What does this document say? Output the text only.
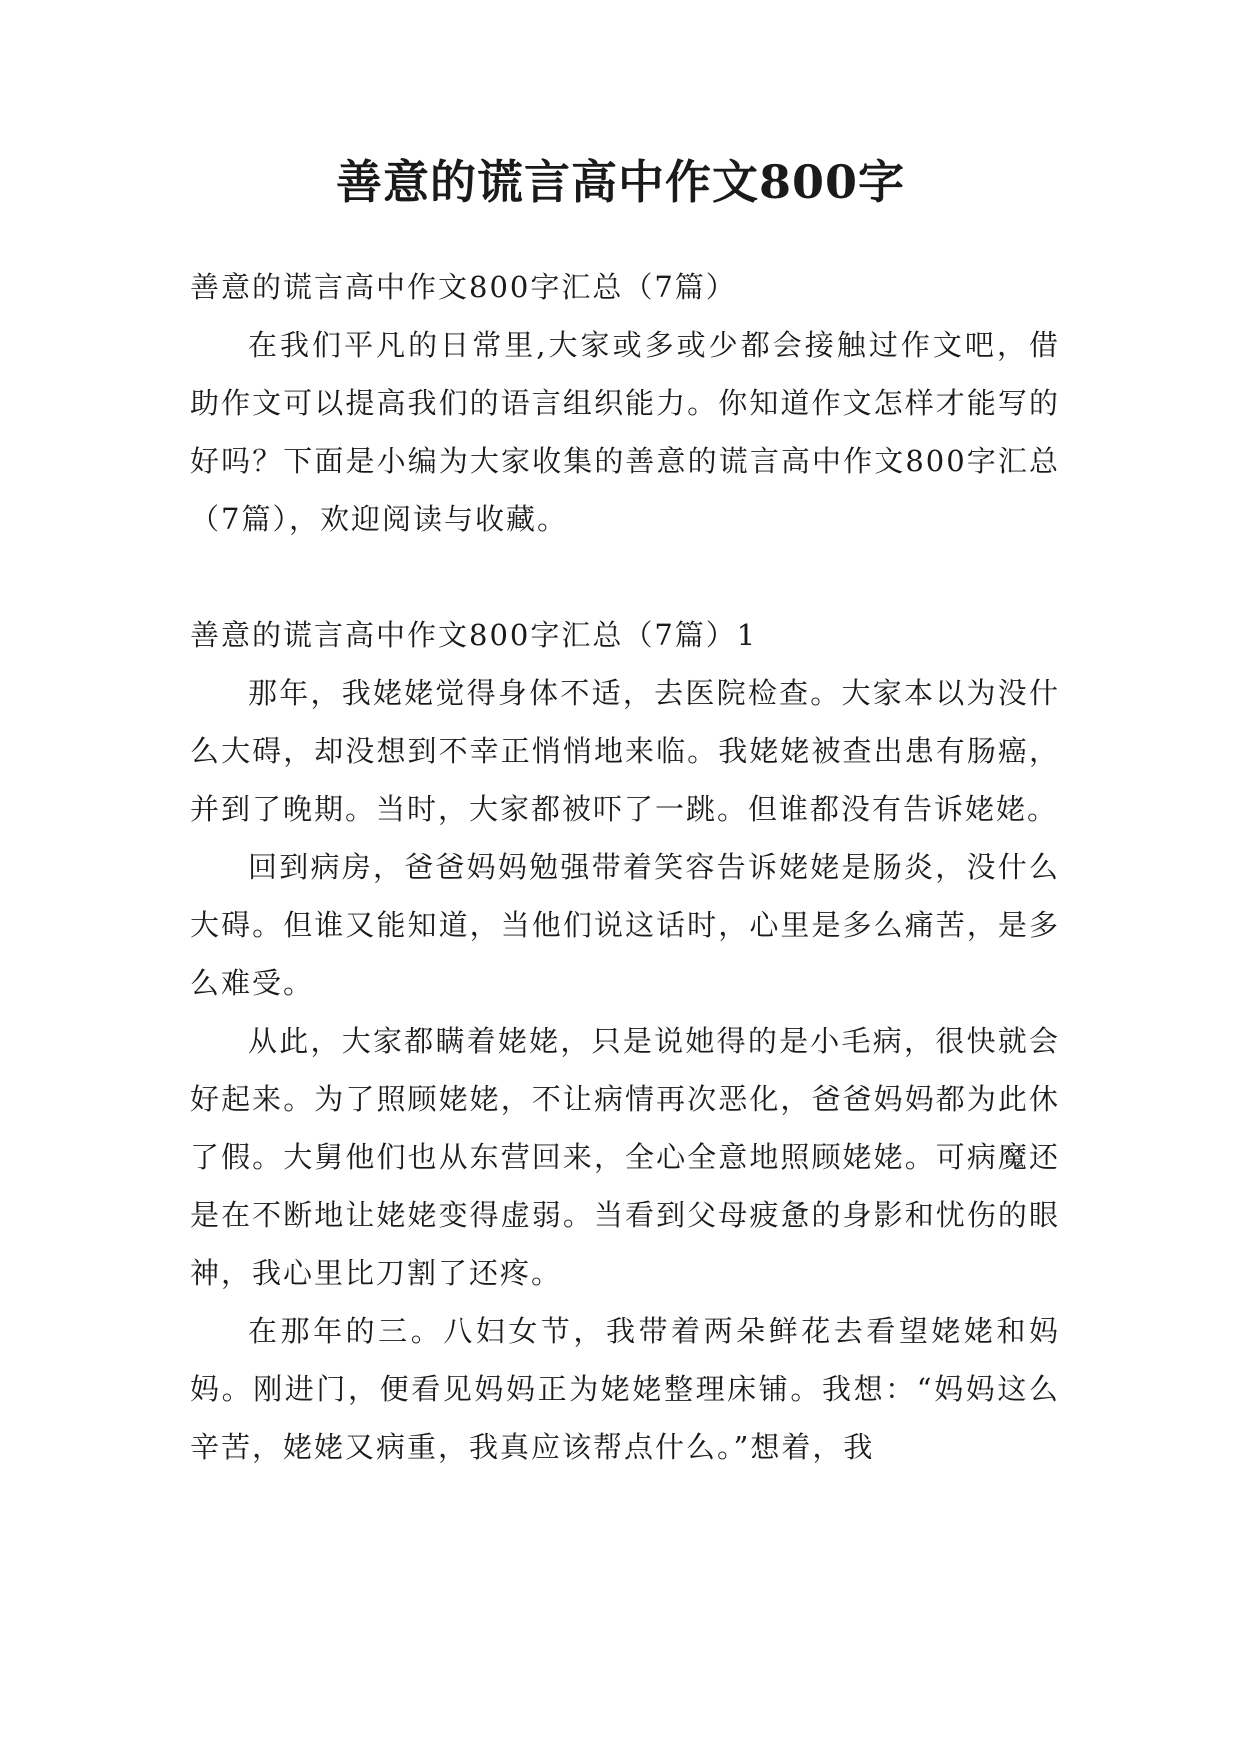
善意的谎言高中作文800字

善意的谎言高中作文800字汇总（7篇）

在我们平凡的日常里,大家或多或少都会接触过作文吧，借助作文可以提高我们的语言组织能力。你知道作文怎样才能写的好吗？下面是小编为大家收集的善意的谎言高中作文800字汇总（7篇），欢迎阅读与收藏。

善意的谎言高中作文800字汇总（7篇）1

那年，我姥姥觉得身体不适，去医院检查。大家本以为没什么大碍，却没想到不幸正悄悄地来临。我姥姥被查出患有肠癌，并到了晚期。当时，大家都被吓了一跳。但谁都没有告诉姥姥。

回到病房，爸爸妈妈勉强带着笑容告诉姥姥是肠炎，没什么大碍。但谁又能知道，当他们说这话时，心里是多么痛苦，是多么难受。

从此，大家都瞒着姥姥，只是说她得的是小毛病，很快就会好起来。为了照顾姥姥，不让病情再次恶化，爸爸妈妈都为此休了假。大舅他们也从东营回来，全心全意地照顾姥姥。可病魔还是在不断地让姥姥变得虚弱。当看到父母疲惫的身影和忧伤的眼神，我心里比刀割了还疼。

在那年的三。八妇女节，我带着两朵鲜花去看望姥姥和妈妈。刚进门，便看见妈妈正为姥姥整理床铺。我想：“妈妈这么辛苦，姥姥又病重，我真应该帮点什么。”想着，我
